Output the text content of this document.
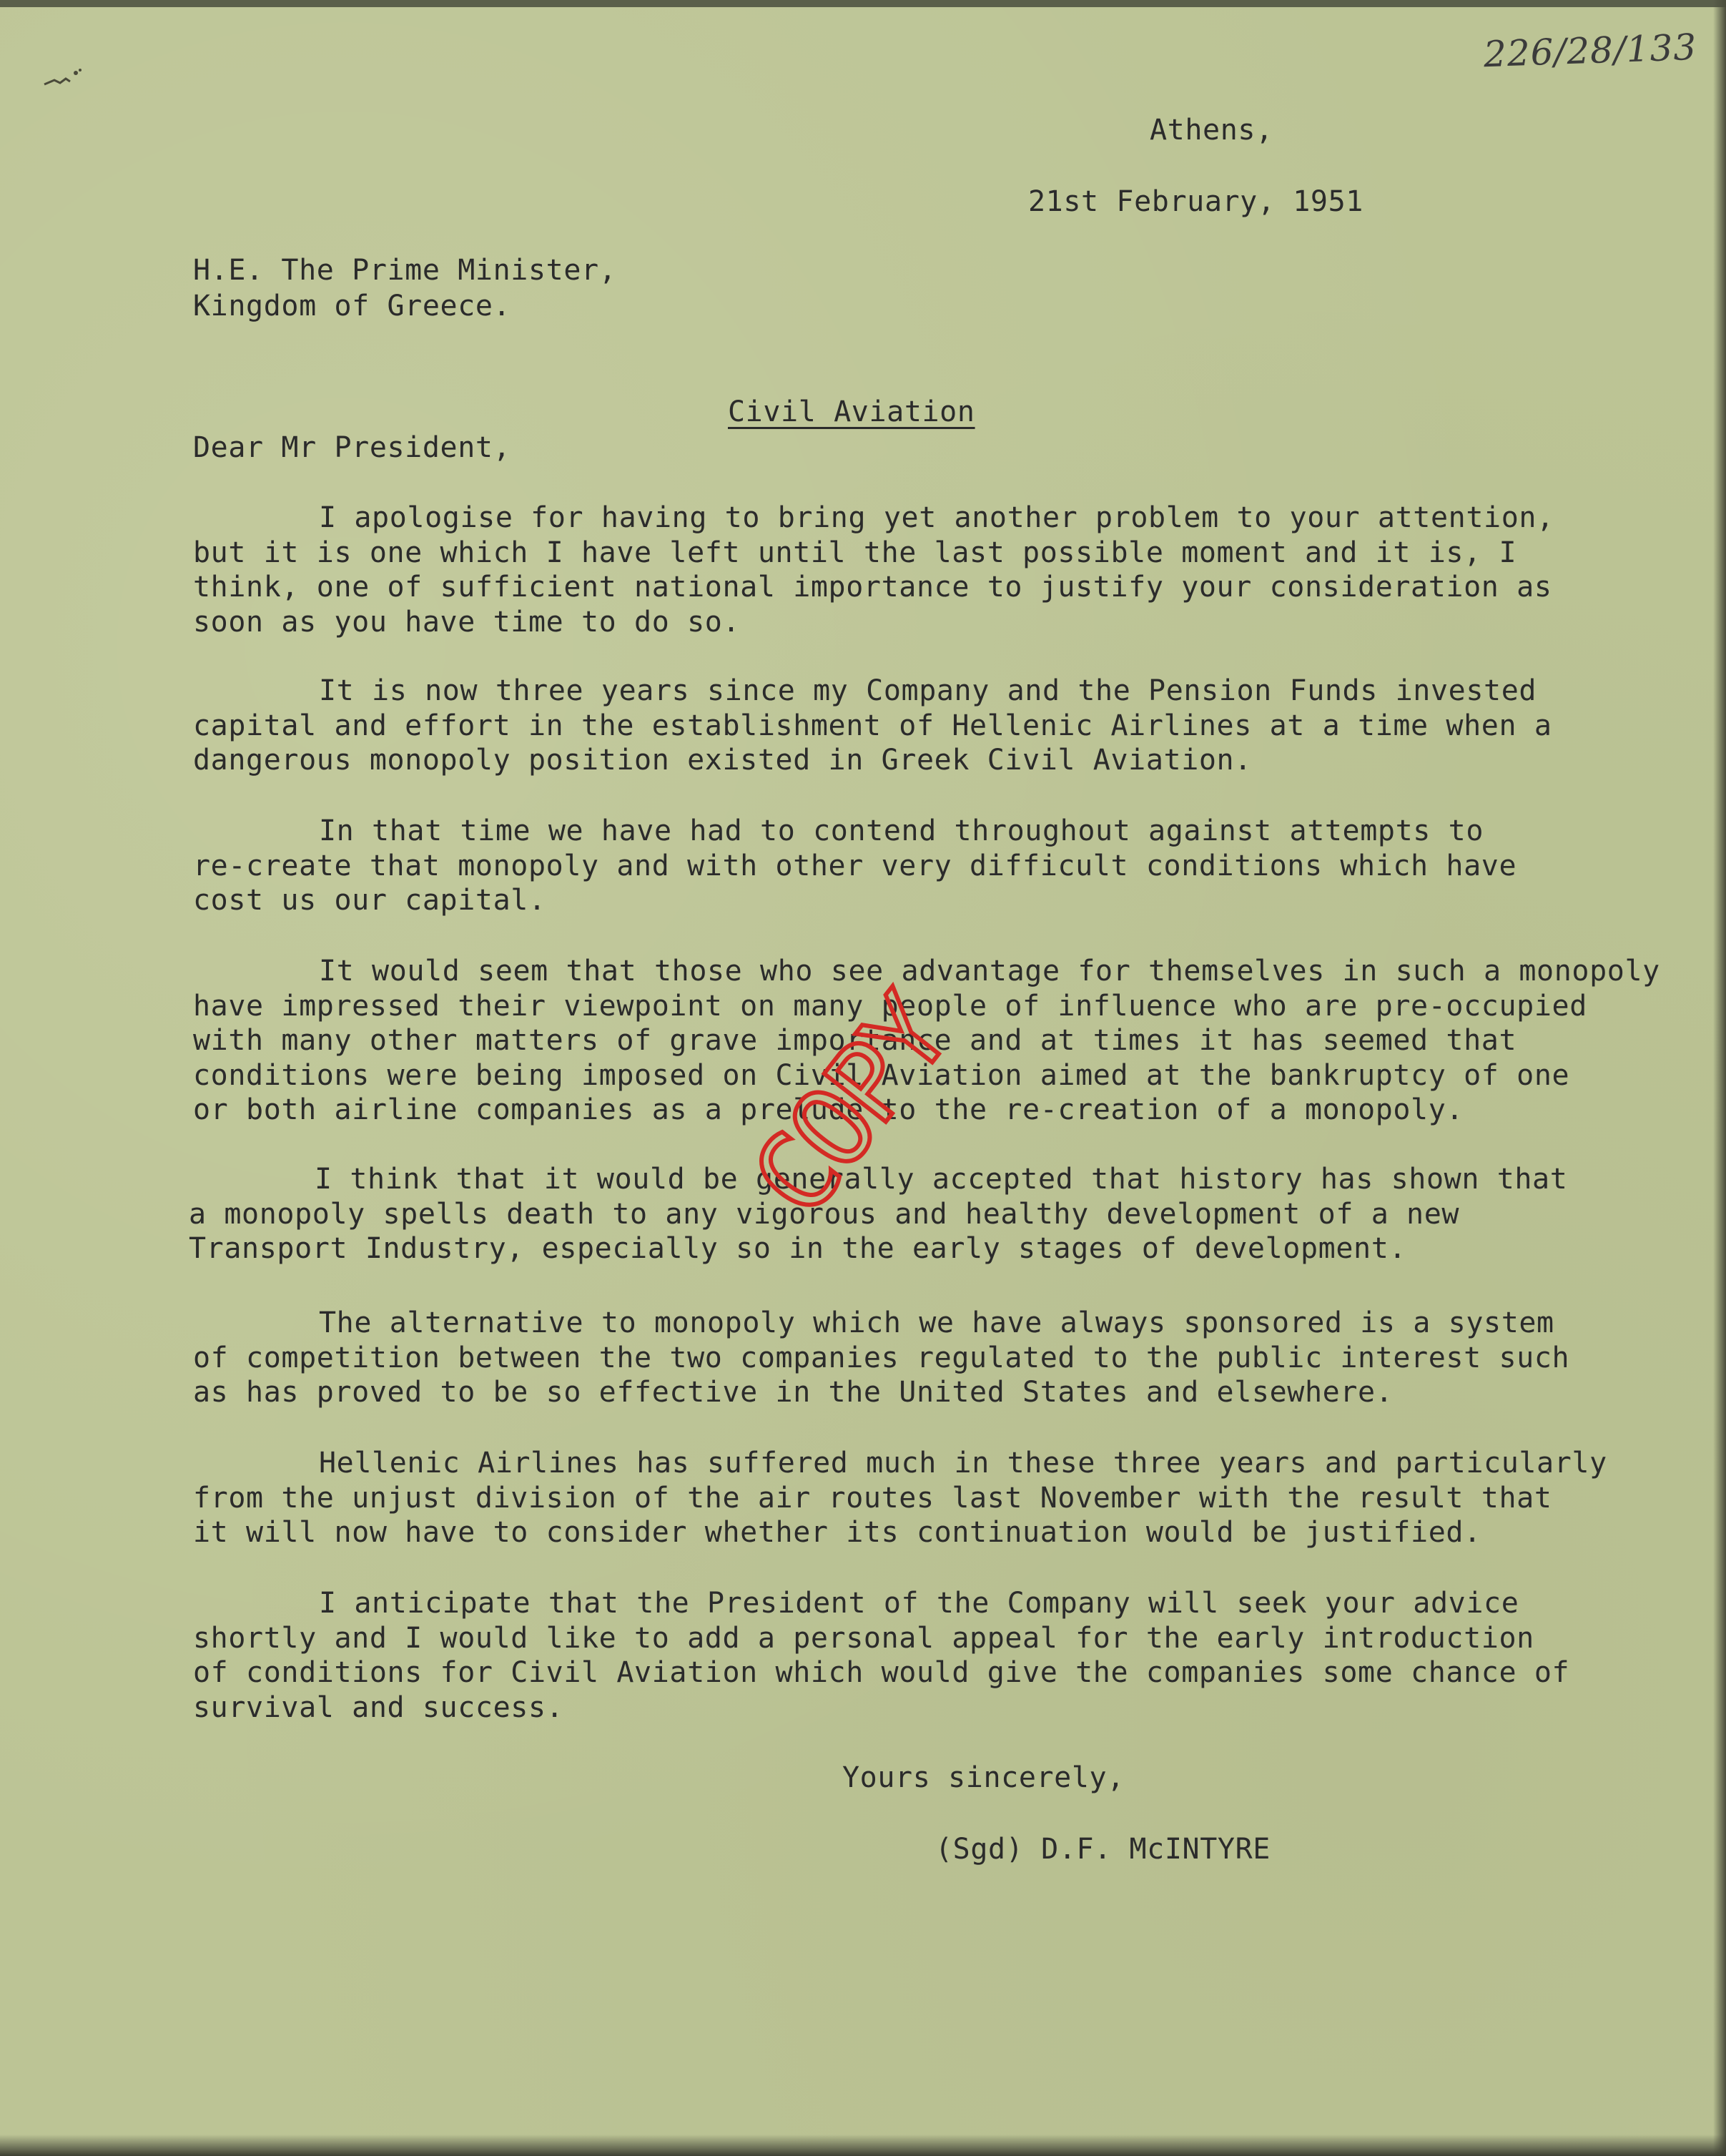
226/28/133
Athens,
21st February, 1951
H.E. The Prime Minister,
Kingdom of Greece.
Civil Aviation
Dear Mr President,
I apologise for having to bring yet another problem to your attention,
but it is one which I have left until the last possible moment and it is, I
think, one of sufficient national importance to justify your consideration as
soon as you have time to do so.
It is now three years since my Company and the Pension Funds invested
capital and effort in the establishment of Hellenic Airlines at a time when a
dangerous monopoly position existed in Greek Civil Aviation.
In that time we have had to contend throughout against attempts to
re-create that monopoly and with other very difficult conditions which have
cost us our capital.
It would seem that those who see advantage for themselves in such a monopoly
have impressed their viewpoint on many people of influence who are pre-occupied
with many other matters of grave importance and at times it has seemed that
conditions were being imposed on Civil Aviation aimed at the bankruptcy of one
or both airline companies as a prelude to the re-creation of a monopoly.
I think that it would be generally accepted that history has shown that
a monopoly spells death to any vigorous and healthy development of a new
Transport Industry, especially so in the early stages of development.
The alternative to monopoly which we have always sponsored is a system
of competition between the two companies regulated to the public interest such
as has proved to be so effective in the United States and elsewhere.
Hellenic Airlines has suffered much in these three years and particularly
from the unjust division of the air routes last November with the result that
it will now have to consider whether its continuation would be justified.
I anticipate that the President of the Company will seek your advice
shortly and I would like to add a personal appeal for the early introduction
of conditions for Civil Aviation which would give the companies some chance of
survival and success.
Yours sincerely,
(Sgd) D.F. McINTYRE
COPY
